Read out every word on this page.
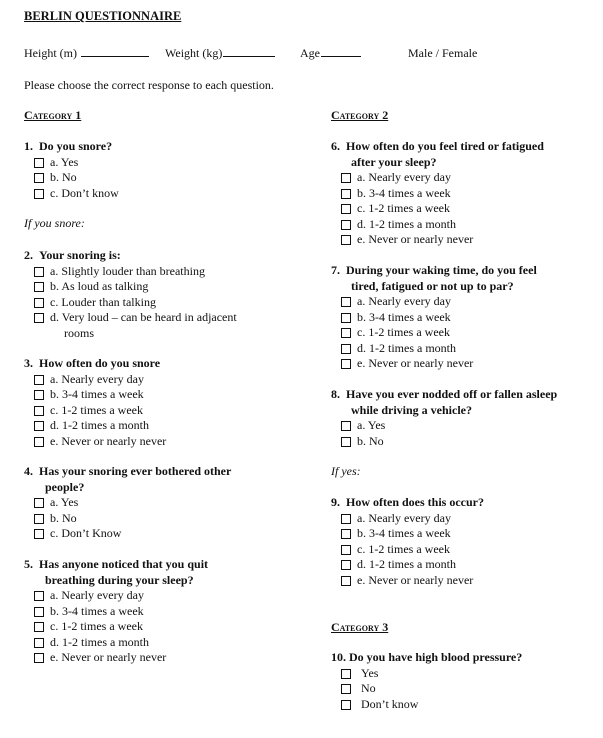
BERLIN QUESTIONNAIRE
Height (m)	Weight (kg)	Age	Male / Female
Please choose the correct response to each question.
Category 1	Category 2
1. Do you snore?
a. Yes
b. No
c. Don’t know
If you snore:
2. Your snoring is:
a. Slightly louder than breathing
b. As loud as talking
c. Louder than talking
d. Very loud – can be heard in adjacent
rooms
3. How often do you snore
a. Nearly every day
b. 3-4 times a week
c. 1-2 times a week
d. 1-2 times a month
e. Never or nearly never
4. Has your snoring ever bothered other
people?
a. Yes
b. No
c. Don’t Know
5. Has anyone noticed that you quit
breathing during your sleep?
a. Nearly every day
b. 3-4 times a week
c. 1-2 times a week
d. 1-2 times a month
e. Never or nearly never
6. How often do you feel tired or fatigued
after your sleep?
a. Nearly every day
b. 3-4 times a week
c. 1-2 times a week
d. 1-2 times a month
e. Never or nearly never
7. During your waking time, do you feel
tired, fatigued or not up to par?
a. Nearly every day
b. 3-4 times a week
c. 1-2 times a week
d. 1-2 times a month
e. Never or nearly never
8. Have you ever nodded off or fallen asleep
while driving a vehicle?
a. Yes
b. No
If yes:
9. How often does this occur?
a. Nearly every day
b. 3-4 times a week
c. 1-2 times a week
d. 1-2 times a month
e. Never or nearly never
Category 3
10. Do you have high blood pressure?
Yes
No
Don’t know
